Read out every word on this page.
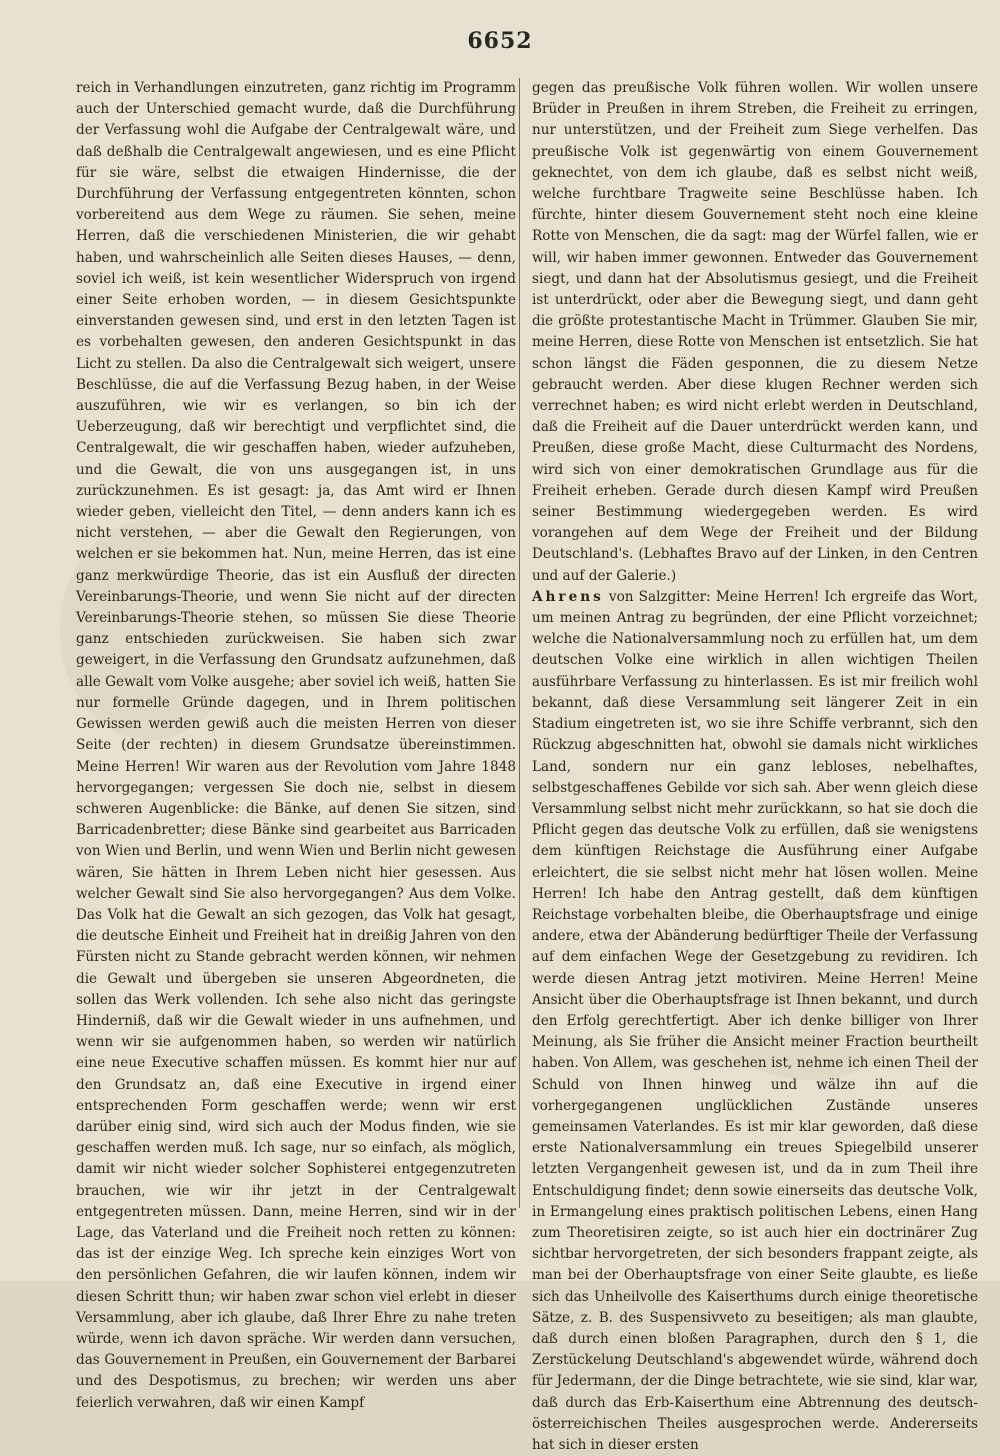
6652

reich in Verhandlungen einzutreten, ganz richtig im Programm auch der Unterschied gemacht wurde, daß die Durchführung der Verfassung wohl die Aufgabe der Centralgewalt wäre, und daß deßhalb die Centralgewalt angewiesen, und es eine Pflicht für sie wäre, selbst die etwaigen Hindernisse, die der Durchführung der Verfassung entgegentreten könnten, schon vorbereitend aus dem Wege zu räumen. Sie sehen, meine Herren, daß die verschiedenen Ministerien, die wir gehabt haben, und wahrscheinlich alle Seiten dieses Hauses, — denn, soviel ich weiß, ist kein wesentlicher Widerspruch von irgend einer Seite erhoben worden, — in diesem Gesichtspunkte einverstanden gewesen sind, und erst in den letzten Tagen ist es vorbehalten gewesen, den anderen Gesichtspunkt in das Licht zu stellen. Da also die Centralgewalt sich weigert, unsere Beschlüsse, die auf die Verfassung Bezug haben, in der Weise auszuführen, wie wir es verlangen, so bin ich der Ueberzeugung, daß wir berechtigt und verpflichtet sind, die Centralgewalt, die wir geschaffen haben, wieder aufzuheben, und die Gewalt, die von uns ausgegangen ist, in uns zurückzunehmen. Es ist gesagt: ja, das Amt wird er Ihnen wieder geben, vielleicht den Titel, — denn anders kann ich es nicht verstehen, — aber die Gewalt den Regierungen, von welchen er sie bekommen hat. Nun, meine Herren, das ist eine ganz merkwürdige Theorie, das ist ein Ausfluß der directen Vereinbarungs-Theorie, und wenn Sie nicht auf der directen Vereinbarungs-Theorie stehen, so müssen Sie diese Theorie ganz entschieden zurückweisen. Sie haben sich zwar geweigert, in die Verfassung den Grundsatz aufzunehmen, daß alle Gewalt vom Volke ausgehe; aber soviel ich weiß, hatten Sie nur formelle Gründe dagegen, und in Ihrem politischen Gewissen werden gewiß auch die meisten Herren von dieser Seite (der rechten) in diesem Grundsatze übereinstimmen. Meine Herren! Wir waren aus der Revolution vom Jahre 1848 hervorgegangen; vergessen Sie doch nie, selbst in diesem schweren Augenblicke: die Bänke, auf denen Sie sitzen, sind Barricadenbretter; diese Bänke sind gearbeitet aus Barricaden von Wien und Berlin, und wenn Wien und Berlin nicht gewesen wären, Sie hätten in Ihrem Leben nicht hier gesessen. Aus welcher Gewalt sind Sie also hervorgegangen? Aus dem Volke. Das Volk hat die Gewalt an sich gezogen, das Volk hat gesagt, die deutsche Einheit und Freiheit hat in dreißig Jahren von den Fürsten nicht zu Stande gebracht werden können, wir nehmen die Gewalt und übergeben sie unseren Abgeordneten, die sollen das Werk vollenden. Ich sehe also nicht das geringste Hinderniß, daß wir die Gewalt wieder in uns aufnehmen, und wenn wir sie aufgenommen haben, so werden wir natürlich eine neue Executive schaffen müssen. Es kommt hier nur auf den Grundsatz an, daß eine Executive in irgend einer entsprechenden Form geschaffen werde; wenn wir erst darüber einig sind, wird sich auch der Modus finden, wie sie geschaffen werden muß. Ich sage, nur so einfach, als möglich, damit wir nicht wieder solcher Sophisterei entgegenzutreten brauchen, wie wir ihr jetzt in der Centralgewalt entgegentreten müssen. Dann, meine Herren, sind wir in der Lage, das Vaterland und die Freiheit noch retten zu können: das ist der einzige Weg. Ich spreche kein einziges Wort von den persönlichen Gefahren, die wir laufen können, indem wir diesen Schritt thun; wir haben zwar schon viel erlebt in dieser Versammlung, aber ich glaube, daß Ihrer Ehre zu nahe treten würde, wenn ich davon spräche. Wir werden dann versuchen, das Gouvernement in Preußen, ein Gouvernement der Barbarei und des Despotismus, zu brechen; wir werden uns aber feierlich verwahren, daß wir einen Kampf

gegen das preußische Volk führen wollen. Wir wollen unsere Brüder in Preußen in ihrem Streben, die Freiheit zu erringen, nur unterstützen, und der Freiheit zum Siege verhelfen. Das preußische Volk ist gegenwärtig von einem Gouvernement geknechtet, von dem ich glaube, daß es selbst nicht weiß, welche furchtbare Tragweite seine Beschlüsse haben. Ich fürchte, hinter diesem Gouvernement steht noch eine kleine Rotte von Menschen, die da sagt: mag der Würfel fallen, wie er will, wir haben immer gewonnen. Entweder das Gouvernement siegt, und dann hat der Absolutismus gesiegt, und die Freiheit ist unterdrückt, oder aber die Bewegung siegt, und dann geht die größte protestantische Macht in Trümmer. Glauben Sie mir, meine Herren, diese Rotte von Menschen ist entsetzlich. Sie hat schon längst die Fäden gesponnen, die zu diesem Netze gebraucht werden. Aber diese klugen Rechner werden sich verrechnet haben; es wird nicht erlebt werden in Deutschland, daß die Freiheit auf die Dauer unterdrückt werden kann, und Preußen, diese große Macht, diese Culturmacht des Nordens, wird sich von einer demokratischen Grundlage aus für die Freiheit erheben. Gerade durch diesen Kampf wird Preußen seiner Bestimmung wiedergegeben werden. Es wird vorangehen auf dem Wege der Freiheit und der Bildung Deutschland's. (Lebhaftes Bravo auf der Linken, in den Centren und auf der Galerie.)

Ahrens von Salzgitter: Meine Herren! Ich ergreife das Wort, um meinen Antrag zu begründen, der eine Pflicht vorzeichnet; welche die Nationalversammlung noch zu erfüllen hat, um dem deutschen Volke eine wirklich in allen wichtigen Theilen ausführbare Verfassung zu hinterlassen. Es ist mir freilich wohl bekannt, daß diese Versammlung seit längerer Zeit in ein Stadium eingetreten ist, wo sie ihre Schiffe verbrannt, sich den Rückzug abgeschnitten hat, obwohl sie damals nicht wirkliches Land, sondern nur ein ganz lebloses, nebelhaftes, selbstgeschaffenes Gebilde vor sich sah. Aber wenn gleich diese Versammlung selbst nicht mehr zurückkann, so hat sie doch die Pflicht gegen das deutsche Volk zu erfüllen, daß sie wenigstens dem künftigen Reichstage die Ausführung einer Aufgabe erleichtert, die sie selbst nicht mehr hat lösen wollen. Meine Herren! Ich habe den Antrag gestellt, daß dem künftigen Reichstage vorbehalten bleibe, die Oberhauptsfrage und einige andere, etwa der Abänderung bedürftiger Theile der Verfassung auf dem einfachen Wege der Gesetzgebung zu revidiren. Ich werde diesen Antrag jetzt motiviren. Meine Herren! Meine Ansicht über die Oberhauptsfrage ist Ihnen bekannt, und durch den Erfolg gerechtfertigt. Aber ich denke billiger von Ihrer Meinung, als Sie früher die Ansicht meiner Fraction beurtheilt haben. Von Allem, was geschehen ist, nehme ich einen Theil der Schuld von Ihnen hinweg und wälze ihn auf die vorhergegangenen unglücklichen Zustände unseres gemeinsamen Vaterlandes. Es ist mir klar geworden, daß diese erste Nationalversammlung ein treues Spiegelbild unserer letzten Vergangenheit gewesen ist, und da in zum Theil ihre Entschuldigung findet; denn sowie einerseits das deutsche Volk, in Ermangelung eines praktisch politischen Lebens, einen Hang zum Theoretisiren zeigte, so ist auch hier ein doctrinärer Zug sichtbar hervorgetreten, der sich besonders frappant zeigte, als man bei der Oberhauptsfrage von einer Seite glaubte, es ließe sich das Unheilvolle des Kaiserthums durch einige theoretische Sätze, z. B. des Suspensivveto zu beseitigen; als man glaubte, daß durch einen bloßen Paragraphen, durch den § 1, die Zerstückelung Deutschland's abgewendet würde, während doch für Jedermann, der die Dinge betrachtete, wie sie sind, klar war, daß durch das Erb-Kaiserthum eine Abtrennung des deutsch-österreichischen Theiles ausgesprochen werde. Andererseits hat sich in dieser ersten
